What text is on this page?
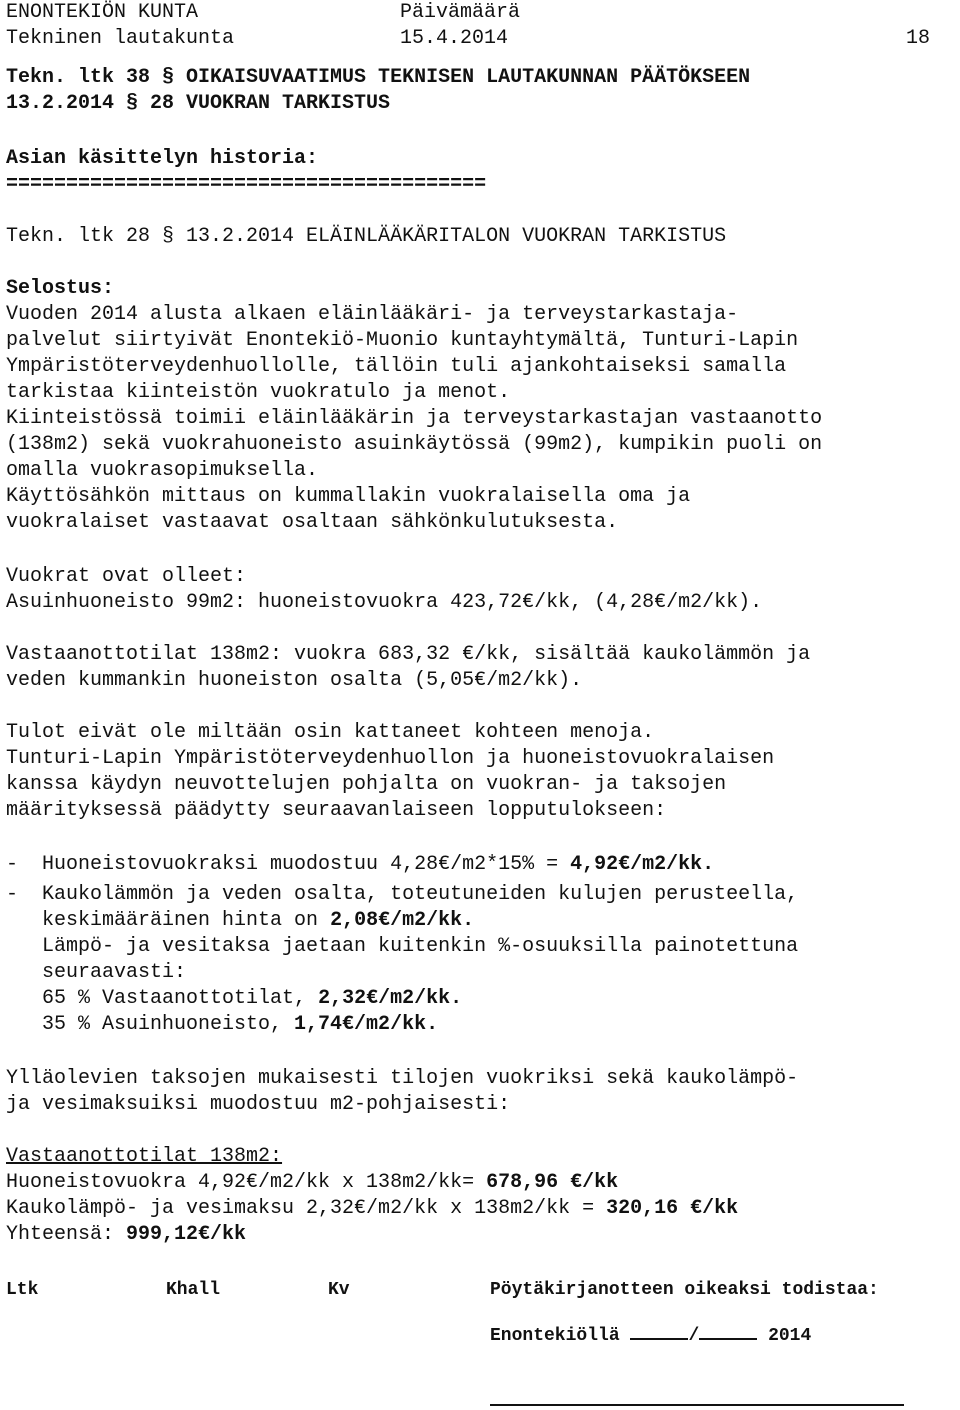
ENONTEKIÖN KUNTA	Päivämäärä
Tekninen lautakunta	15.4.2014	18
Tekn. ltk 38 § OIKAISUVAATIMUS TEKNISEN LAUTAKUNNAN PÄÄTÖKSEEN
13.2.2014 § 28 VUOKRAN TARKISTUS
Asian käsittelyn historia:
========================================
Tekn. ltk 28 § 13.2.2014 ELÄINLÄÄKÄRITALON VUOKRAN TARKISTUS
Selostus:
Vuoden 2014 alusta alkaen eläinlääkäri- ja terveystarkastaja-
palvelut siirtyivät Enontekiö-Muonio kuntayhtymältä, Tunturi-Lapin
Ympäristöterveydenhuollolle, tällöin tuli ajankohtaiseksi samalla
tarkistaa kiinteistön vuokratulo ja menot.
Kiinteistössä toimii eläinlääkärin ja terveystarkastajan vastaanotto
(138m2) sekä vuokrahuoneisto asuinkäytössä (99m2), kumpikin puoli on
omalla vuokrasopimuksella.
Käyttösähkön mittaus on kummallakin vuokralaisella oma ja
vuokralaiset vastaavat osaltaan sähkönkulutuksesta.
Vuokrat ovat olleet:
Asuinhuoneisto 99m2: huoneistovuokra 423,72€/kk, (4,28€/m2/kk).
Vastaanottotilat 138m2: vuokra 683,32 €/kk, sisältää kaukolämmön ja
veden kummankin huoneiston osalta (5,05€/m2/kk).
Tulot eivät ole miltään osin kattaneet kohteen menoja.
Tunturi-Lapin Ympäristöterveydenhuollon ja huoneistovuokralaisen
kanssa käydyn neuvottelujen pohjalta on vuokran- ja taksojen
määrityksessä päädytty seuraavanlaiseen lopputulokseen:
-  Huoneistovuokraksi muodostuu 4,28€/m2*15% = 4,92€/m2/kk.
-  Kaukolämmön ja veden osalta, toteutuneiden kulujen perusteella,
keskimääräinen hinta on 2,08€/m2/kk.
Lämpö- ja vesitaksa jaetaan kuitenkin %-osuuksilla painotettuna
seuraavasti:
65 % Vastaanottotilat, 2,32€/m2/kk.
35 % Asuinhuoneisto, 1,74€/m2/kk.
Ylläolevien taksojen mukaisesti tilojen vuokriksi sekä kaukolämpö-
ja vesimaksuiksi muodostuu m2-pohjaisesti:
Vastaanottotilat 138m2:
Huoneistovuokra 4,92€/m2/kk x 138m2/kk= 678,96 €/kk
Kaukolämpö- ja vesimaksu 2,32€/m2/kk x 138m2/kk = 320,16 €/kk
Yhteensä: 999,12€/kk
Ltk	Khall	Kv	Pöytäkirjanotteen oikeaksi todistaa:
Enontekiöllä	/	2014
